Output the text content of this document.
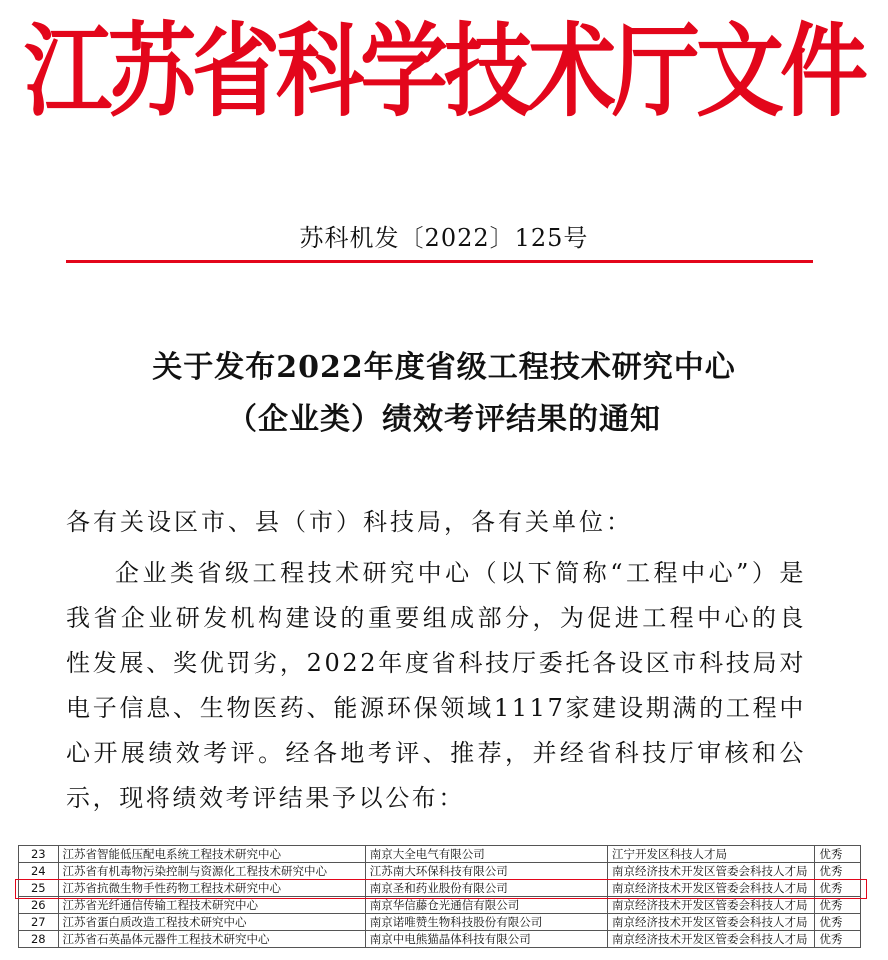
江苏省科学技术厅文件
苏科机发〔2022〕125号
关于发布2022年度省级工程技术研究中心
（企业类）绩效考评结果的通知
各有关设区市、县（市）科技局，各有关单位：
企业类省级工程技术研究中心（以下简称“工程中心”）是我省企业研发机构建设的重要组成部分，为促进工程中心的良性发展、奖优罚劣，2022年度省科技厅委托各设区市科技局对电子信息、生物医药、能源环保领域1117家建设期满的工程中心开展绩效考评。经各地考评、推荐，并经省科技厅审核和公示，现将绩效考评结果予以公布：
23	江苏省智能低压配电系统工程技术研究中心	南京大全电气有限公司	江宁开发区科技人才局	优秀
24	江苏省有机毒物污染控制与资源化工程技术研究中心	江苏南大环保科技有限公司	南京经济技术开发区管委会科技人才局	优秀
25	江苏省抗微生物手性药物工程技术研究中心	南京圣和药业股份有限公司	南京经济技术开发区管委会科技人才局	优秀
26	江苏省光纤通信传输工程技术研究中心	南京华信藤仓光通信有限公司	南京经济技术开发区管委会科技人才局	优秀
27	江苏省蛋白质改造工程技术研究中心	南京诺唯赞生物科技股份有限公司	南京经济技术开发区管委会科技人才局	优秀
28	江苏省石英晶体元器件工程技术研究中心	南京中电熊猫晶体科技有限公司	南京经济技术开发区管委会科技人才局	优秀
